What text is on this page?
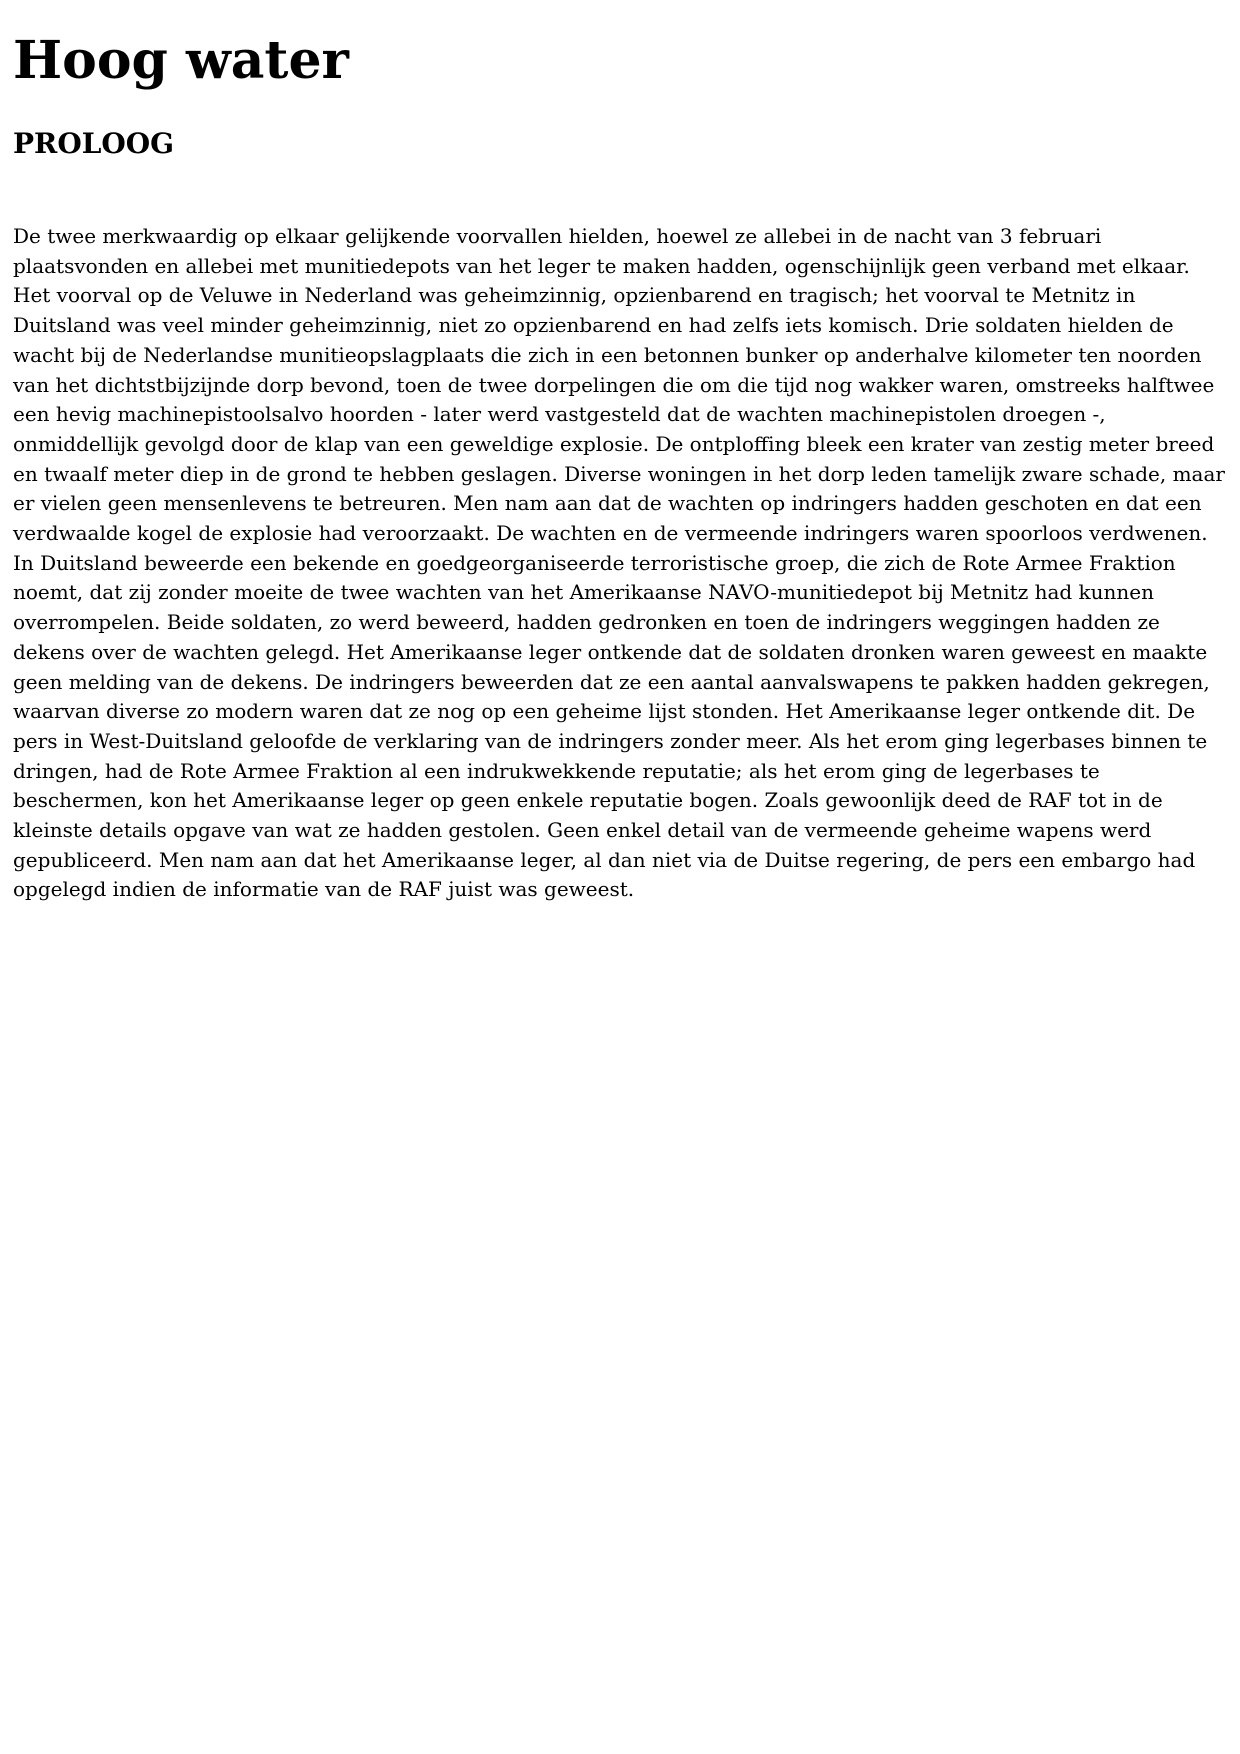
Hoog water
PROLOOG

De twee merkwaardig op elkaar gelijkende voorvallen hielden, hoewel ze allebei in de nacht van 3 februari plaatsvonden en allebei met munitiedepots van het leger te maken hadden, ogenschijnlijk geen verband met elkaar. Het voorval op de Veluwe in Nederland was geheimzinnig, opzienbarend en tragisch; het voorval te Metnitz in Duitsland was veel minder geheimzinnig, niet zo opzienbarend en had zelfs iets komisch. Drie soldaten hielden de wacht bij de Nederlandse munitieopslagplaats die zich in een betonnen bunker op anderhalve kilometer ten noorden van het dichtstbijzijnde dorp bevond, toen de twee dorpelingen die om die tijd nog wakker waren, omstreeks halftwee een hevig machinepistoolsalvo hoorden - later werd vastgesteld dat de wachten machinepistolen droegen -, onmiddellijk gevolgd door de klap van een geweldige explosie. De ontploffing bleek een krater van zestig meter breed en twaalf meter diep in de grond te hebben geslagen. Diverse woningen in het dorp leden tamelijk zware schade, maar er vielen geen mensenlevens te betreuren. Men nam aan dat de wachten op indringers hadden geschoten en dat een verdwaalde kogel de explosie had veroorzaakt. De wachten en de vermeende indringers waren spoorloos verdwenen. In Duitsland beweerde een bekende en goedgeorganiseerde terroristische groep, die zich de Rote Armee Fraktion noemt, dat zij zonder moeite de twee wachten van het Amerikaanse NAVO-munitiedepot bij Metnitz had kunnen overrompelen. Beide soldaten, zo werd beweerd, hadden gedronken en toen de indringers weggingen hadden ze dekens over de wachten gelegd. Het Amerikaanse leger ontkende dat de soldaten dronken waren geweest en maakte geen melding van de dekens. De indringers beweerden dat ze een aantal aanvalswapens te pakken hadden gekregen, waarvan diverse zo modern waren dat ze nog op een geheime lijst stonden. Het Amerikaanse leger ontkende dit. De pers in West-Duitsland geloofde de verklaring van de indringers zonder meer. Als het erom ging legerbases binnen te dringen, had de Rote Armee Fraktion al een indrukwekkende reputatie; als het erom ging de legerbases te beschermen, kon het Amerikaanse leger op geen enkele reputatie bogen. Zoals gewoonlijk deed de RAF tot in de kleinste details opgave van wat ze hadden gestolen. Geen enkel detail van de vermeende geheime wapens werd gepubliceerd. Men nam aan dat het Amerikaanse leger, al dan niet via de Duitse regering, de pers een embargo had opgelegd indien de informatie van de RAF juist was geweest.
